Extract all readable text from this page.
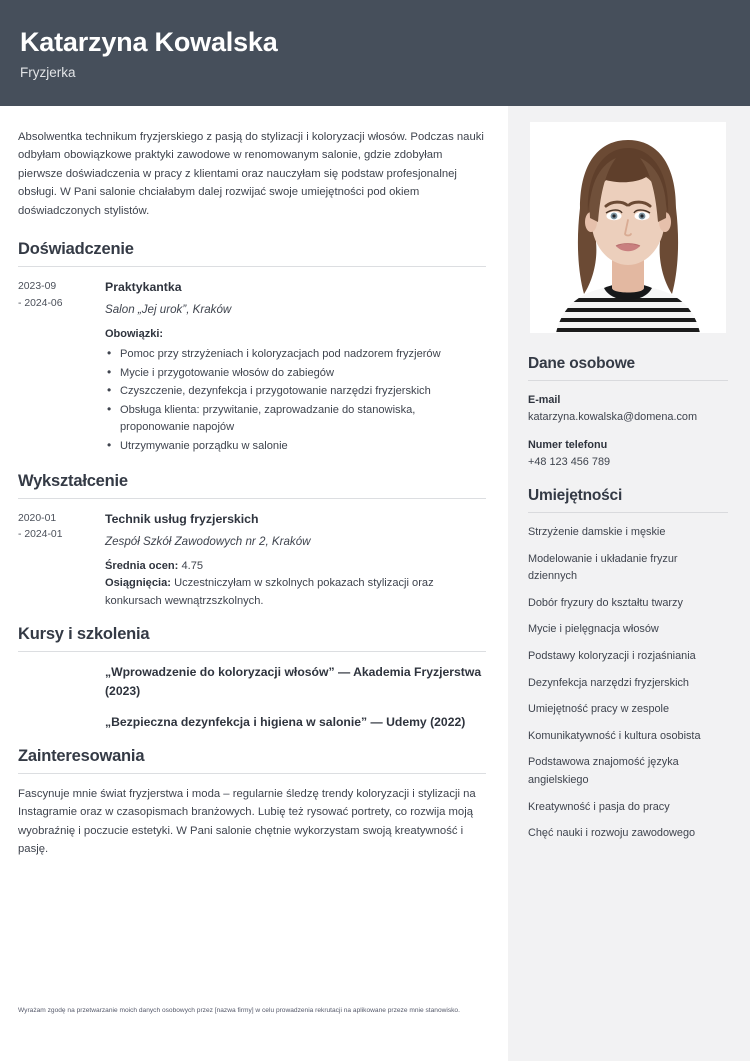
Katarzyna Kowalska
Fryzjerka
Absolwentka technikum fryzjerskiego z pasją do stylizacji i koloryzacji włosów. Podczas nauki odbyłam obowiązkowe praktyki zawodowe w renomowanym salonie, gdzie zdobyłam pierwsze doświadczenia w pracy z klientami oraz nauczyłam się podstaw profesjonalnej obsługi. W Pani salonie chciałabym dalej rozwijać swoje umiejętności pod okiem doświadczonych stylistów.
Doświadczenie
2023-09
- 2024-06
Praktykantka
Salon „Jej urok”, Kraków
Obowiązki:
• Pomoc przy strzyżeniach i koloryzacjach pod nadzorem fryzjerów
• Mycie i przygotowanie włosów do zabiegów
• Czyszczenie, dezynfekcja i przygotowanie narzędzi fryzjerskich
• Obsługa klienta: przywitanie, zaprowadzanie do stanowiska, proponowanie napojów
• Utrzymywanie porządku w salonie
Wykształcenie
2020-01
- 2024-01
Technik usług fryzjerskich
Zespół Szkół Zawodowych nr 2, Kraków
Średnia ocen: 4.75
Osiągnięcia: Uczestniczyłam w szkolnych pokazach stylizacji oraz konkursach wewnątrzszkolnych.
Kursy i szkolenia
„Wprowadzenie do koloryzacji włosów” — Akademia Fryzjerstwa (2023)
„Bezpieczna dezynfekcja i higiena w salonie” — Udemy (2022)
Zainteresowania
Fascynuje mnie świat fryzjerstwa i moda – regularnie śledzę trendy koloryzacji i stylizacji na Instagramie oraz w czasopismach branżowych. Lubię też rysować portrety, co rozwija moją wyobraźnię i poczucie estetyki. W Pani salonie chętnie wykorzystam swoją kreatywność i pasję.
Wyrażam zgodę na przetwarzanie moich danych osobowych przez [nazwa firmy] w celu prowadzenia rekrutacji na aplikowane przeze mnie stanowisko.
Dane osobowe
E-mail
katarzyna.kowalska@domena.com
Numer telefonu
+48 123 456 789
Umiejętności
Strzyżenie damskie i męskie
Modelowanie i układanie fryzur dziennych
Dobór fryzury do kształtu twarzy
Mycie i pielęgnacja włosów
Podstawy koloryzacji i rozjaśniania
Dezynfekcja narzędzi fryzjerskich
Umiejętność pracy w zespole
Komunikatywność i kultura osobista
Podstawowa znajomość języka angielskiego
Kreatywność i pasja do pracy
Chęć nauki i rozwoju zawodowego
